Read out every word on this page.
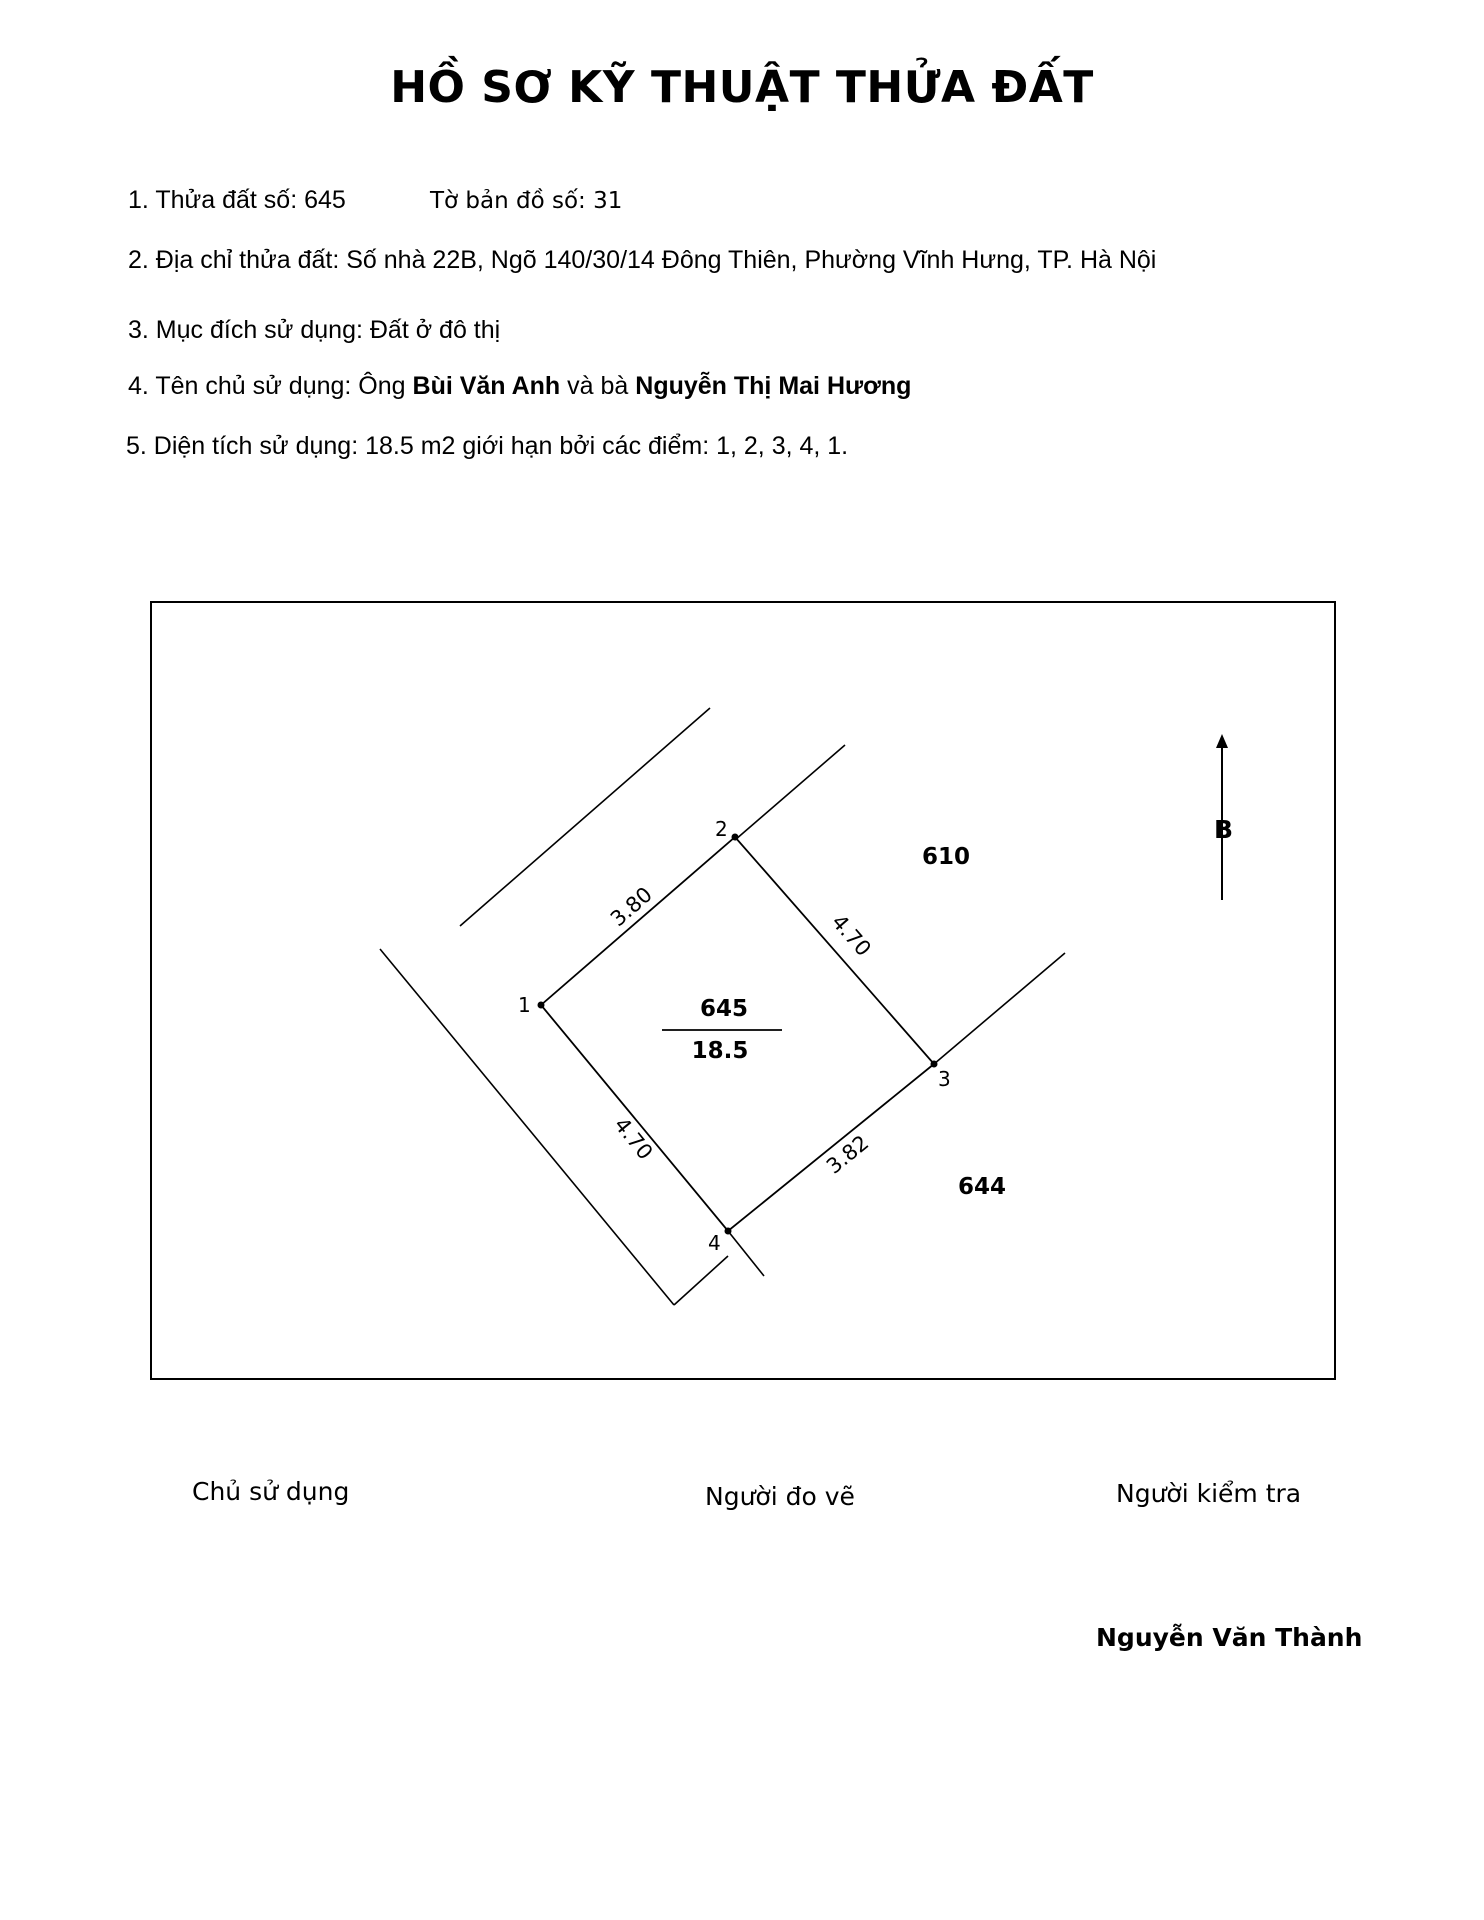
HỒ SƠ KỸ THUẬT THỬA ĐẤT
1. Thửa đất số: 645	Tờ bản đồ số: 31
2. Địa chỉ thửa đất: Số nhà 22B, Ngõ 140/30/14 Đông Thiên, Phường Vĩnh Hưng, TP. Hà Nội
3. Mục đích sử dụng: Đất ở đô thị
4. Tên chủ sử dụng: Ông Bùi Văn Anh và bà Nguyễn Thị Mai Hương
5. Diện tích sử dụng: 18.5 m2 giới hạn bởi các điểm: 1, 2, 3, 4, 1.
1
2
3
4
3.80
4.70
3.82
4.70
645
18.5
610
644
B
Chủ sử dụng	Người đo vẽ	Người kiểm tra
Nguyễn Văn Thành
